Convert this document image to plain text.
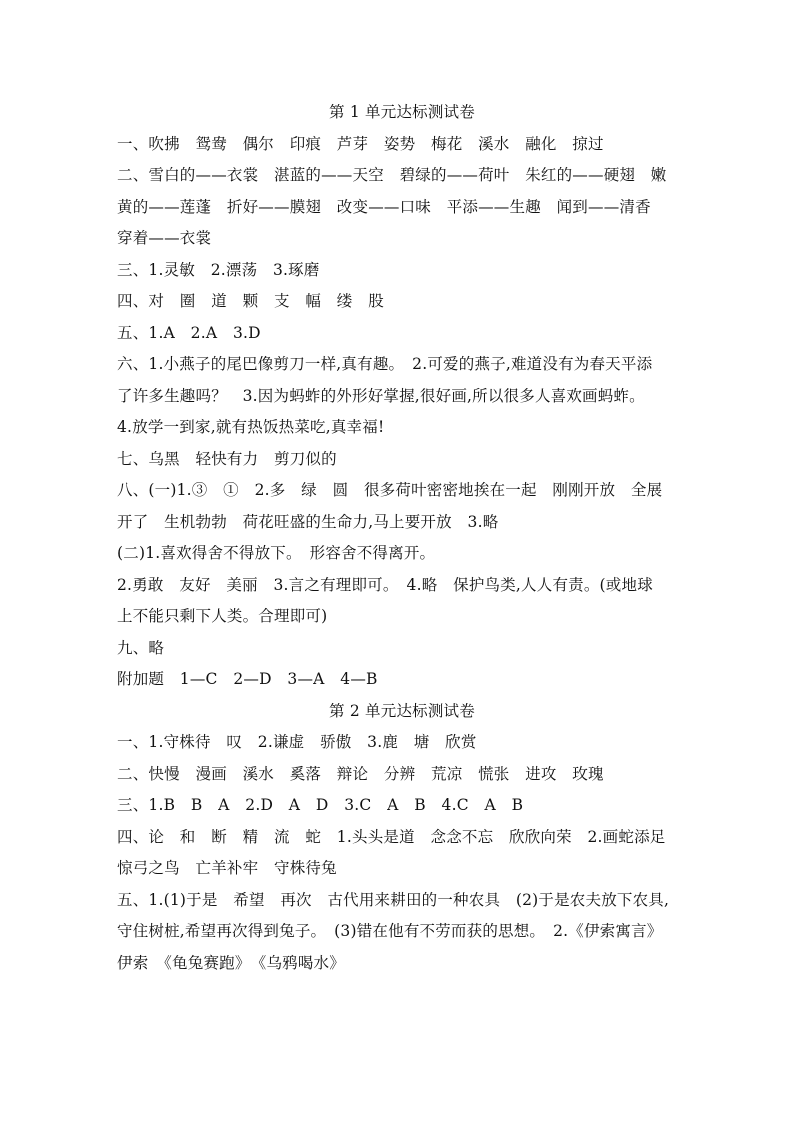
第 1 单元达标测试卷
一、吹拂　鸳鸯　偶尔　印痕　芦芽　姿势　梅花　溪水　融化　掠过
二、雪白的——衣裳　湛蓝的——天空　碧绿的——荷叶　朱红的——硬翅　嫩
黄的——莲蓬　折好——膜翅　改变——口味　平添——生趣　闻到——清香
穿着——衣裳
三、1.灵敏　2.漂荡　3.琢磨
四、对　圈　道　颗　支　幅　缕　股
五、1.A　2.A　3.D
六、1.小燕子的尾巴像剪刀一样,真有趣。　2.可爱的燕子,难道没有为春天平添
了许多生趣吗？　3.因为蚂蚱的外形好掌握,很好画,所以很多人喜欢画蚂蚱。
4.放学一到家,就有热饭热菜吃,真幸福!
七、乌黑　轻快有力　剪刀似的
八、(一)1.③　①　2.多　绿　圆　很多荷叶密密地挨在一起　刚刚开放　全展
开了　生机勃勃　荷花旺盛的生命力,马上要开放　3.略
(二)1.喜欢得舍不得放下。　形容舍不得离开。
2.勇敢　友好　美丽　3.言之有理即可。　4.略　保护鸟类,人人有责。(或地球
上不能只剩下人类。合理即可)
九、略
附加题　1—C　2—D　3—A　4—B
第 2 单元达标测试卷
一、1.守株待　叹　2.谦虚　骄傲　3.鹿　塘　欣赏
二、快慢　漫画　溪水　奚落　辩论　分辨　荒凉　慌张　进攻　玫瑰
三、1.B　B　A　2.D　A　D　3.C　A　B　4.C　A　B
四、论　和　断　精　流　蛇　1.头头是道　念念不忘　欣欣向荣　2.画蛇添足
惊弓之鸟　亡羊补牢　守株待兔
五、1.(1)于是　希望　再次　古代用来耕田的一种农具　(2)于是农夫放下农具,
守住树桩,希望再次得到兔子。　(3)错在他有不劳而获的思想。　2.《伊索寓言》
伊索　《龟兔赛跑》　《乌鸦喝水》
